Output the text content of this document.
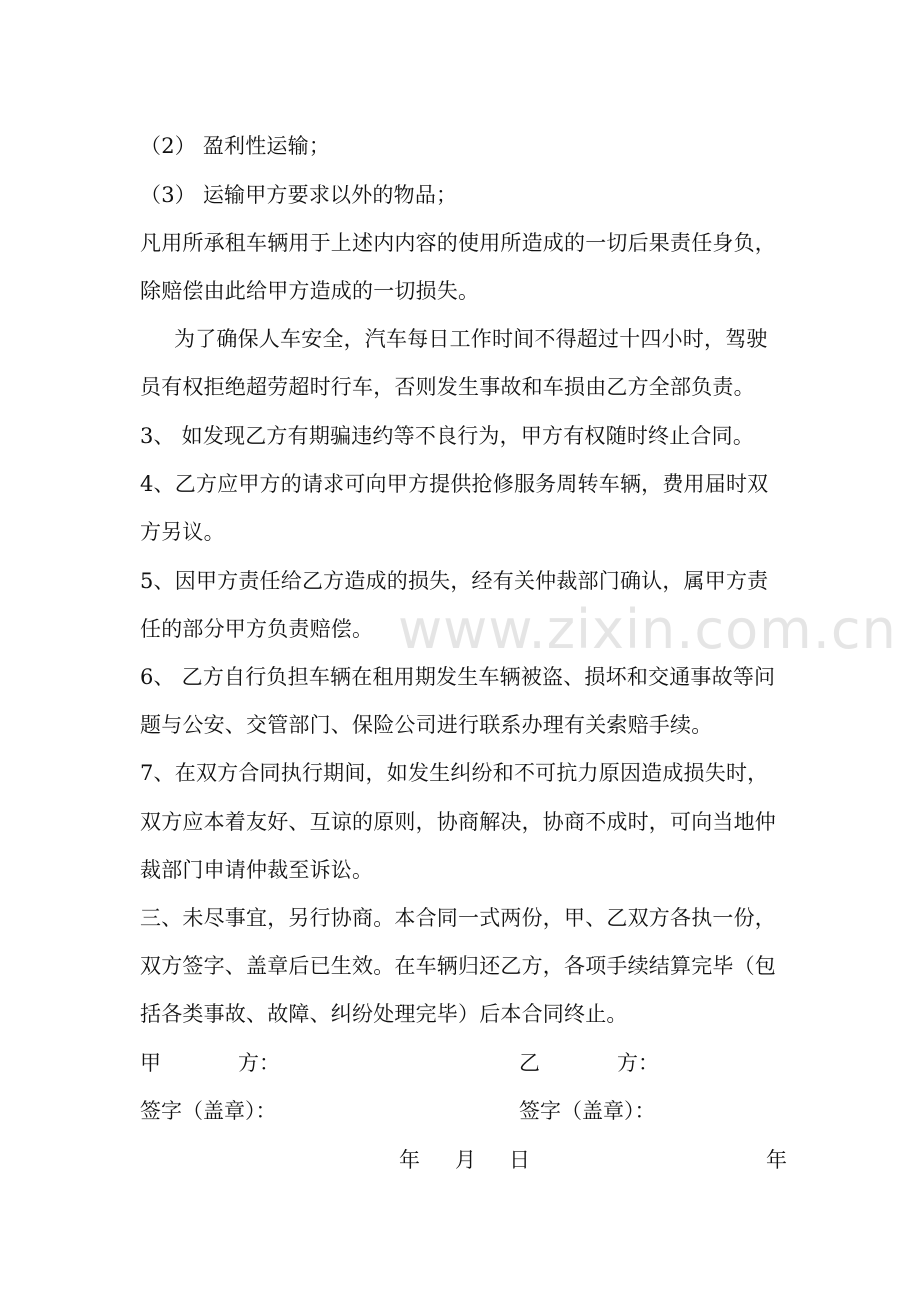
（2） 盈利性运输；
（3） 运输甲方要求以外的物品；
凡用所承租车辆用于上述内内容的使用所造成的一切后果责任身负，
除赔偿由此给甲方造成的一切损失。
为了确保人车安全，汽车每日工作时间不得超过十四小时，驾驶
员有权拒绝超劳超时行车，否则发生事故和车损由乙方全部负责。
3、 如发现乙方有期骗违约等不良行为，甲方有权随时终止合同。
4、乙方应甲方的请求可向甲方提供抢修服务周转车辆，费用届时双
方另议。
5、因甲方责任给乙方造成的损失，经有关仲裁部门确认，属甲方责
任的部分甲方负责赔偿。
6、 乙方自行负担车辆在租用期发生车辆被盗、损坏和交通事故等问
题与公安、交管部门、保险公司进行联系办理有关索赔手续。
7、在双方合同执行期间，如发生纠纷和不可抗力原因造成损失时，
双方应本着友好、互谅的原则，协商解决，协商不成时，可向当地仲
裁部门申请仲裁至诉讼。
三、未尽事宜，另行协商。本合同一式两份，甲、乙双方各执一份，
双方签字、盖章后已生效。在车辆归还乙方，各项手续结算完毕（包
括各类事故、故障、纠纷处理完毕）后本合同终止。
甲	方：	乙	方：
签字（盖章）：	签字（盖章）：
年 月 日	年
www.zixin.com.cn
